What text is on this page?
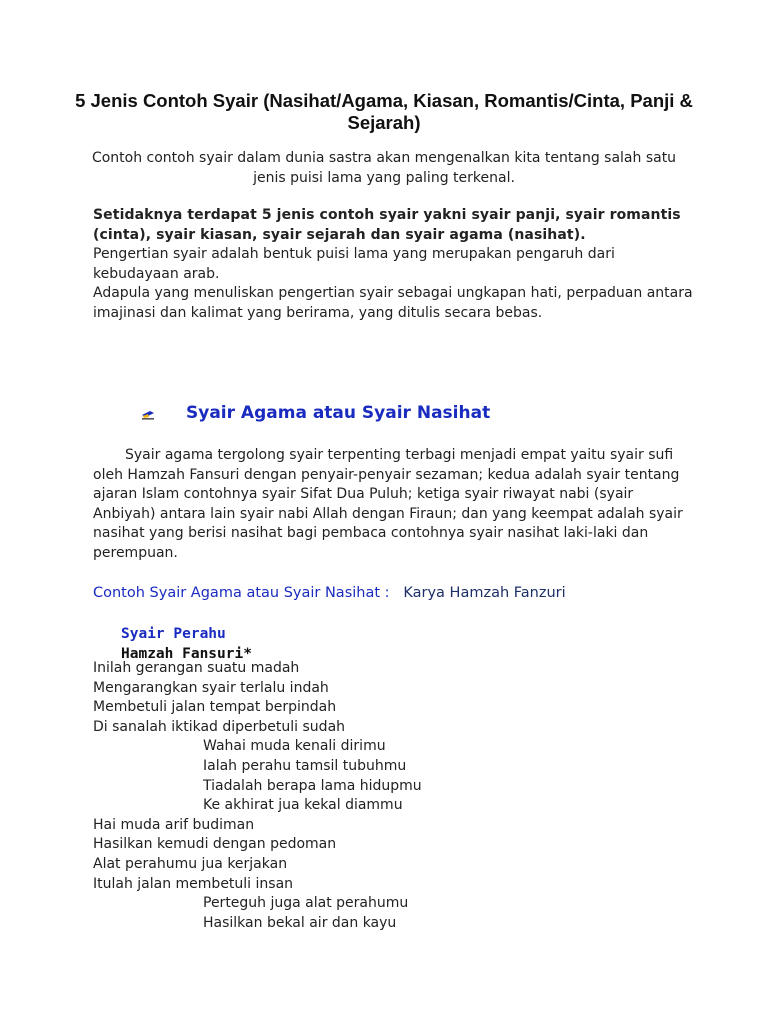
5 Jenis Contoh Syair (Nasihat/Agama, Kiasan, Romantis/Cinta, Panji & Sejarah)
Contoh contoh syair dalam dunia sastra akan mengenalkan kita tentang salah satu jenis puisi lama yang paling terkenal.
Setidaknya terdapat 5 jenis contoh syair yakni syair panji, syair romantis (cinta), syair kiasan, syair sejarah dan syair agama (nasihat).
Pengertian syair adalah bentuk puisi lama yang merupakan pengaruh dari kebudayaan arab.
Adapula yang menuliskan pengertian syair sebagai ungkapan hati, perpaduan antara imajinasi dan kalimat yang berirama, yang ditulis secara bebas.
Syair Agama atau Syair Nasihat
Syair agama tergolong syair terpenting terbagi menjadi empat yaitu syair sufi oleh Hamzah Fansuri dengan penyair-penyair sezaman; kedua adalah syair tentang ajaran Islam contohnya syair Sifat Dua Puluh; ketiga syair riwayat nabi (syair Anbiyah) antara lain syair nabi Allah dengan Firaun; dan yang keempat adalah syair nasihat yang berisi nasihat bagi pembaca contohnya syair nasihat laki-laki dan perempuan.
Contoh Syair Agama atau Syair Nasihat : Karya Hamzah Fanzuri
Syair Perahu
Hamzah Fansuri*
Inilah gerangan suatu madah
Mengarangkan syair terlalu indah
Membetuli jalan tempat berpindah
Di sanalah iktikad diperbetuli sudah
Wahai muda kenali dirimu
Ialah perahu tamsil tubuhmu
Tiadalah berapa lama hidupmu
Ke akhirat jua kekal diammu
Hai muda arif budiman
Hasilkan kemudi dengan pedoman
Alat perahumu jua kerjakan
Itulah jalan membetuli insan
Perteguh juga alat perahumu
Hasilkan bekal air dan kayu
